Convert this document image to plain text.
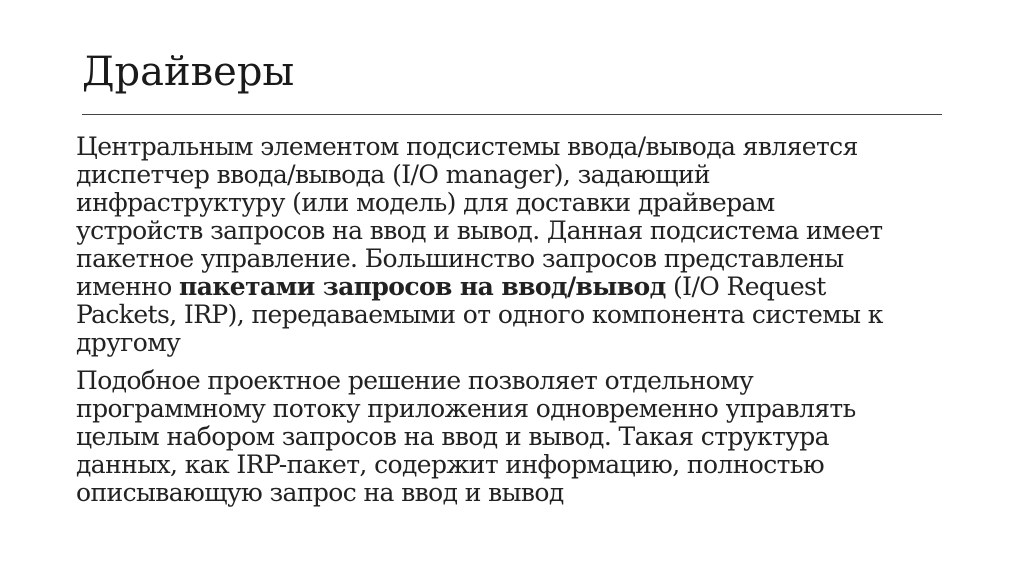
Драйверы

Центральным элементом подсистемы ввода/вывода является
диспетчер ввода/вывода (I/O manager), задающий
инфраструктуру (или модель) для доставки драйверам
устройств запросов на ввод и вывод. Данная подсистема имеет
пакетное управление. Большинство запросов представлены
именно пакетами запросов на ввод/вывод (I/O Request
Packets, IRP), передаваемыми от одного компонента системы к
другому

Подобное проектное решение позволяет отдельному
программному потоку приложения одновременно управлять
целым набором запросов на ввод и вывод. Такая структура
данных, как IRP-пакет, содержит информацию, полностью
описывающую запрос на ввод и вывод
